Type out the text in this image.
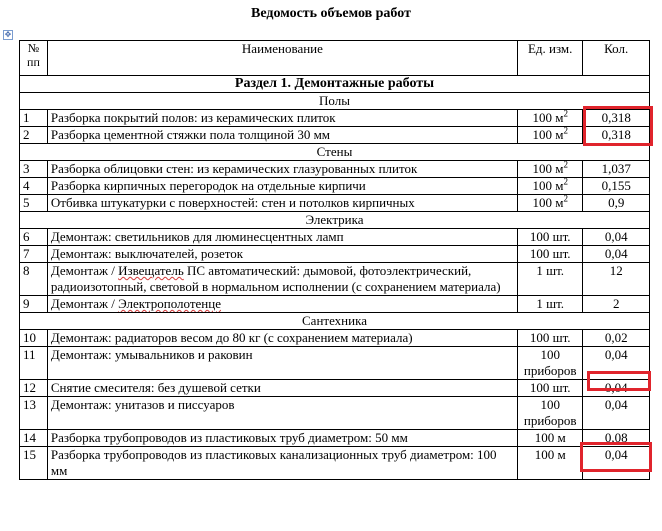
Ведомость объемов работ
✥
№
пп	Наименование	Ед. изм.	Кол.
Раздел 1. Демонтажные работы			
Полы			
1	Разборка покрытий полов: из керамических плиток	100 $м^2$	0,318
2	Разборка цементной стяжки пола толщиной 30 мм	100 $м^2$	0,318
Стены			
3	Разборка облицовки стен: из керамических глазурованных плиток	100 $м^2$	1,037
4	Разборка кирпичных перегородок на отдельные кирпичи	100 $м^2$	0,155
5	Отбивка штукатурки с поверхностей: стен и потолков кирпичных	100 $м^2$	0,9
Электрика			
6	Демонтаж: светильников для люминесцентных ламп	100 шт.	0,04
7	Демонтаж: выключателей, розеток	100 шт.	0,04
8	Демонтаж / Извещатель ПС автоматический: дымовой, фотоэлектрический, радиоизотопный, световой в нормальном исполнении (с сохранением материала)	1 шт.	12
9	Демонтаж / Электрополотенце	1 шт.	2
Сантехника			
10	Демонтаж: радиаторов весом до 80 кг (с сохранением материала)	100 шт.	0,02
11	Демонтаж: умывальников и раковин	100 приборов	0,04
12	Снятие смесителя: без душевой сетки	100 шт.	0,04
13	Демонтаж: унитазов и писсуаров	100 приборов	0,04
14	Разборка трубопроводов из пластиковых труб диаметром: 50 мм	100 м	0,08
15	Разборка трубопроводов из пластиковых канализационных труб диаметром: 100 мм	100 м	0,04
